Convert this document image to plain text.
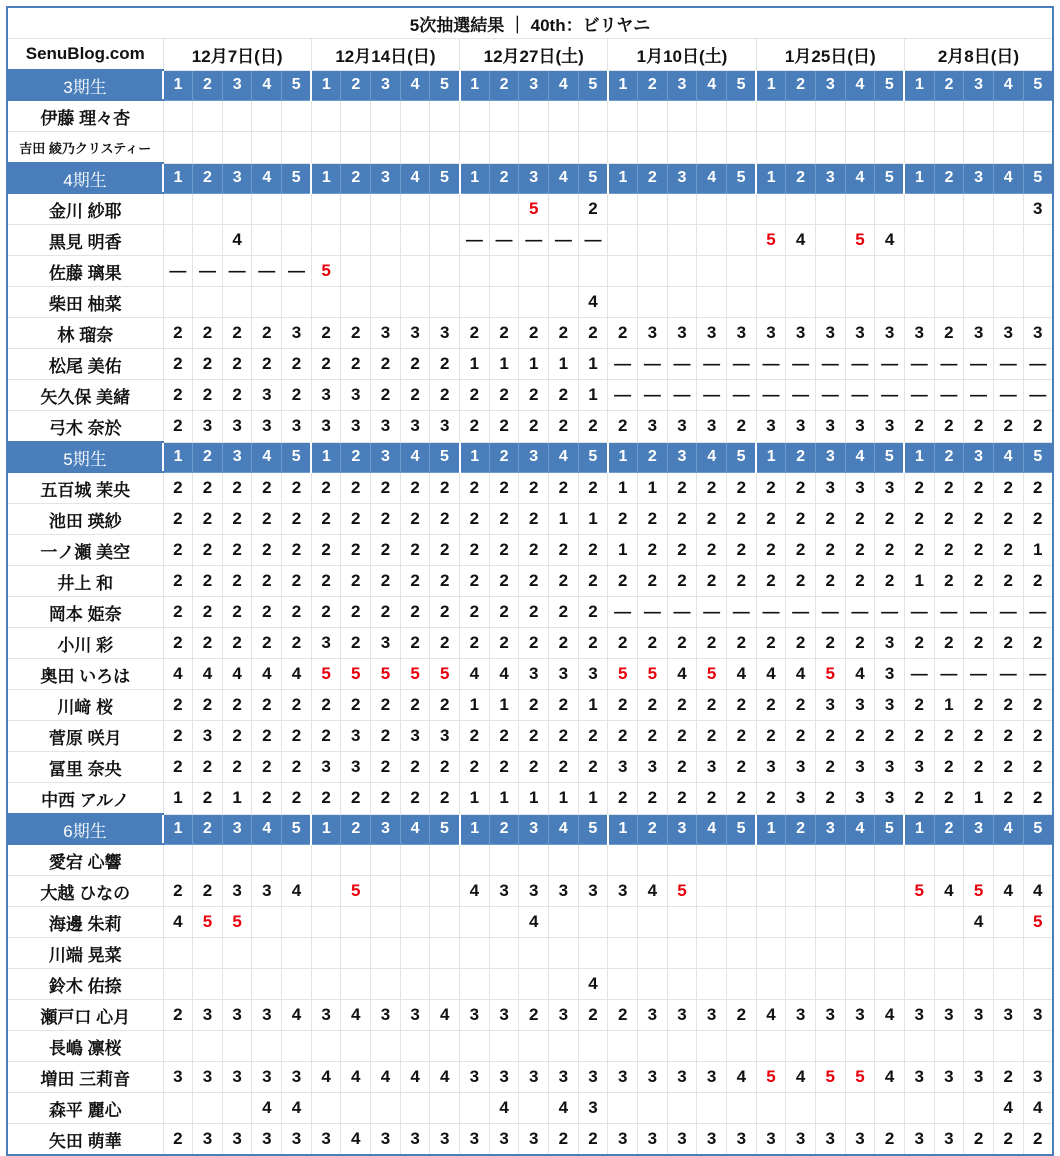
5次抽選結果 ｜ 40th：ビリヤニ																														
SenuBlog.com	12月7日(日)					12月14日(日)					12月27日(土)					1月10日(土)					1月25日(日)					2月8日(日)				
3期生	1	2	3	4	5	1	2	3	4	5	1	2	3	4	5	1	2	3	4	5	1	2	3	4	5	1	2	3	4	5
伊藤 理々杏																														
吉田 綾乃クリスティー																														
4期生	1	2	3	4	5	1	2	3	4	5	1	2	3	4	5	1	2	3	4	5	1	2	3	4	5	1	2	3	4	5
金川 紗耶													5		2															3
黒見 明香			4								—	—	—	—	—						5	4		5	4					
佐藤 璃果	—	—	—	—	—	5																								
柴田 柚菜															4															
林 瑠奈	2	2	2	2	3	2	2	3	3	3	2	2	2	2	2	2	3	3	3	3	3	3	3	3	3	3	2	3	3	3
松尾 美佑	2	2	2	2	2	2	2	2	2	2	1	1	1	1	1	—	—	—	—	—	—	—	—	—	—	—	—	—	—	—
矢久保 美緒	2	2	2	3	2	3	3	2	2	2	2	2	2	2	1	—	—	—	—	—	—	—	—	—	—	—	—	—	—	—
弓木 奈於	2	3	3	3	3	3	3	3	3	3	2	2	2	2	2	2	3	3	3	2	3	3	3	3	3	2	2	2	2	2
5期生	1	2	3	4	5	1	2	3	4	5	1	2	3	4	5	1	2	3	4	5	1	2	3	4	5	1	2	3	4	5
五百城 茉央	2	2	2	2	2	2	2	2	2	2	2	2	2	2	2	1	1	2	2	2	2	2	3	3	3	2	2	2	2	2
池田 瑛紗	2	2	2	2	2	2	2	2	2	2	2	2	2	1	1	2	2	2	2	2	2	2	2	2	2	2	2	2	2	2
一ノ瀬 美空	2	2	2	2	2	2	2	2	2	2	2	2	2	2	2	1	2	2	2	2	2	2	2	2	2	2	2	2	2	1
井上 和	2	2	2	2	2	2	2	2	2	2	2	2	2	2	2	2	2	2	2	2	2	2	2	2	2	1	2	2	2	2
岡本 姫奈	2	2	2	2	2	2	2	2	2	2	2	2	2	2	2	—	—	—	—	—	—	—	—	—	—	—	—	—	—	—
小川 彩	2	2	2	2	2	3	2	3	2	2	2	2	2	2	2	2	2	2	2	2	2	2	2	2	3	2	2	2	2	2
奥田 いろは	4	4	4	4	4	5	5	5	5	5	4	4	3	3	3	5	5	4	5	4	4	4	5	4	3	—	—	—	—	—
川﨑 桜	2	2	2	2	2	2	2	2	2	2	1	1	2	2	1	2	2	2	2	2	2	2	3	3	3	2	1	2	2	2
菅原 咲月	2	3	2	2	2	2	3	2	3	3	2	2	2	2	2	2	2	2	2	2	2	2	2	2	2	2	2	2	2	2
冨里 奈央	2	2	2	2	2	3	3	2	2	2	2	2	2	2	2	3	3	2	3	2	3	3	2	3	3	3	2	2	2	2
中西 アルノ	1	2	1	2	2	2	2	2	2	2	1	1	1	1	1	2	2	2	2	2	2	3	2	3	3	2	2	1	2	2
6期生	1	2	3	4	5	1	2	3	4	5	1	2	3	4	5	1	2	3	4	5	1	2	3	4	5	1	2	3	4	5
愛宕 心響																														
大越 ひなの	2	2	3	3	4		5				4	3	3	3	3	3	4	5								5	4	5	4	4
海邊 朱莉	4	5	5										4															4		5
川端 晃菜																														
鈴木 佑捺															4															
瀬戸口 心月	2	3	3	3	4	3	4	3	3	4	3	3	2	3	2	2	3	3	3	2	4	3	3	3	4	3	3	3	3	3
長嶋 凛桜																														
増田 三莉音	3	3	3	3	3	4	4	4	4	4	3	3	3	3	3	3	3	3	3	4	5	4	5	5	4	3	3	3	2	3
森平 麗心				4	4							4		4	3														4	4
矢田 萌華	2	3	3	3	3	3	4	3	3	3	3	3	3	2	2	3	3	3	3	3	3	3	3	3	2	3	3	2	2	2
